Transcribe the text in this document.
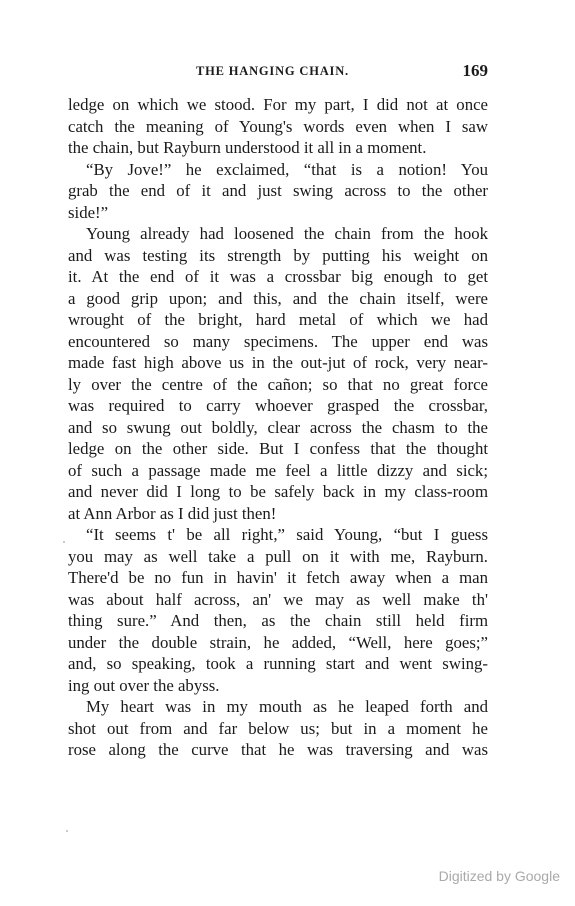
THE HANGING CHAIN.	169
ledge on which we stood. For my part, I did not at once
catch the meaning of Young's words even when I saw
the chain, but Rayburn understood it all in a moment.
“By Jove!” he exclaimed, “that is a notion! You
grab the end of it and just swing across to the other
side!”
Young already had loosened the chain from the hook
and was testing its strength by putting his weight on
it. At the end of it was a crossbar big enough to get
a good grip upon; and this, and the chain itself, were
wrought of the bright, hard metal of which we had
encountered so many specimens. The upper end was
made fast high above us in the out-jut of rock, very near-
ly over the centre of the cañon; so that no great force
was required to carry whoever grasped the crossbar,
and so swung out boldly, clear across the chasm to the
ledge on the other side. But I confess that the thought
of such a passage made me feel a little dizzy and sick;
and never did I long to be safely back in my class-room
at Ann Arbor as I did just then!
“It seems t' be all right,” said Young, “but I guess
you may as well take a pull on it with me, Rayburn.
There'd be no fun in havin' it fetch away when a man
was about half across, an' we may as well make th'
thing sure.” And then, as the chain still held firm
under the double strain, he added, “Well, here goes;”
and, so speaking, took a running start and went swing-
ing out over the abyss.
My heart was in my mouth as he leaped forth and
shot out from and far below us; but in a moment he
rose along the curve that he was traversing and was
Digitized by Google
